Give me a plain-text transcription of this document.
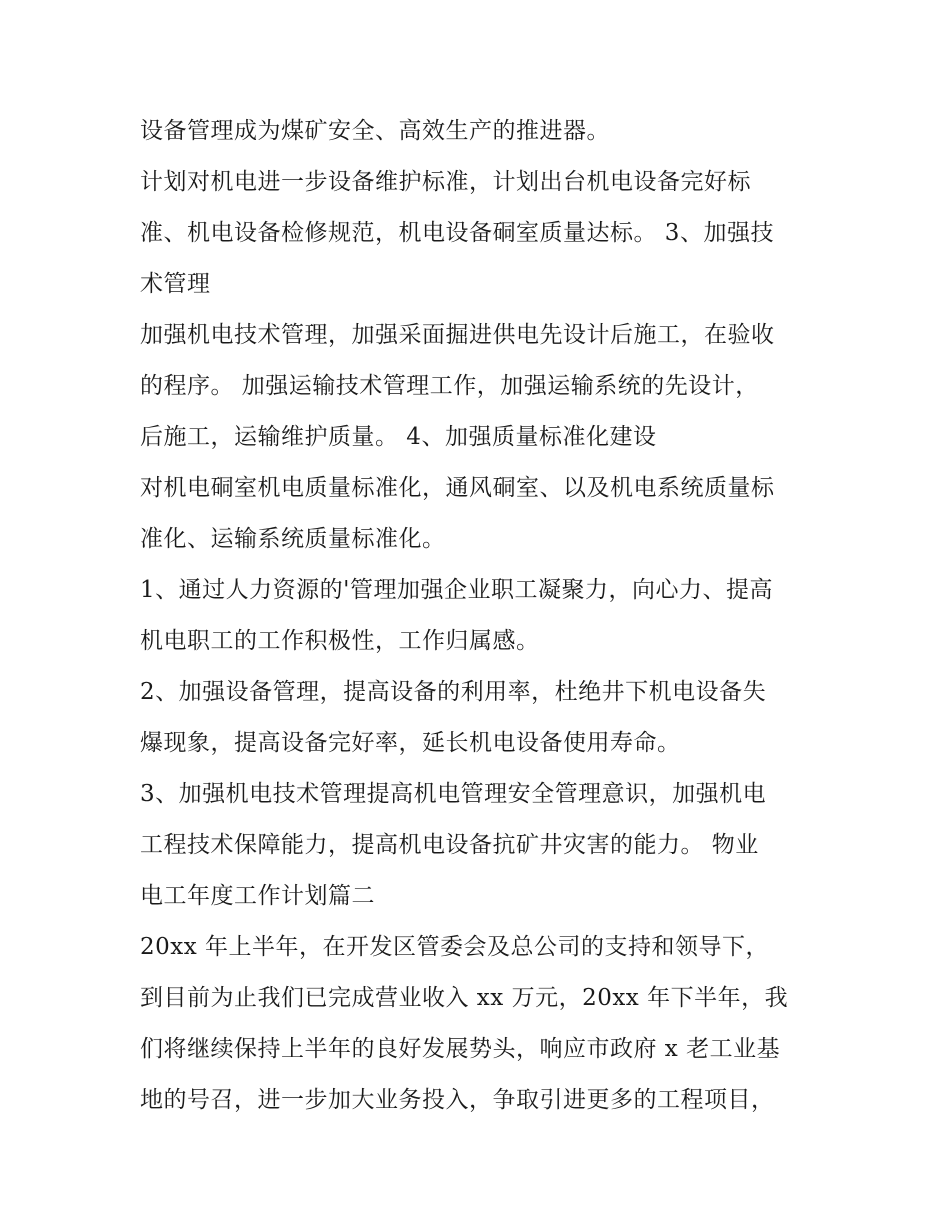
设备管理成为煤矿安全、高效生产的推进器。
计划对机电进一步设备维护标准，计划出台机电设备完好标
准、机电设备检修规范，机电设备硐室质量达标。 3、加强技
术管理
加强机电技术管理，加强采面掘进供电先设计后施工，在验收
的程序。 加强运输技术管理工作，加强运输系统的先设计，
后施工，运输维护质量。 4、加强质量标准化建设
对机电硐室机电质量标准化，通风硐室、以及机电系统质量标
准化、运输系统质量标准化。
1、通过人力资源的'管理加强企业职工凝聚力，向心力、提高
机电职工的工作积极性，工作归属感。
2、加强设备管理，提高设备的利用率，杜绝井下机电设备失
爆现象，提高设备完好率，延长机电设备使用寿命。
3、加强机电技术管理提高机电管理安全管理意识，加强机电
工程技术保障能力，提高机电设备抗矿井灾害的能力。 物业
电工年度工作计划篇二
20xx 年上半年，在开发区管委会及总公司的支持和领导下，
到目前为止我们已完成营业收入 xx 万元，20xx 年下半年，我
们将继续保持上半年的良好发展势头，响应市政府 x 老工业基
地的号召，进一步加大业务投入，争取引进更多的工程项目，
